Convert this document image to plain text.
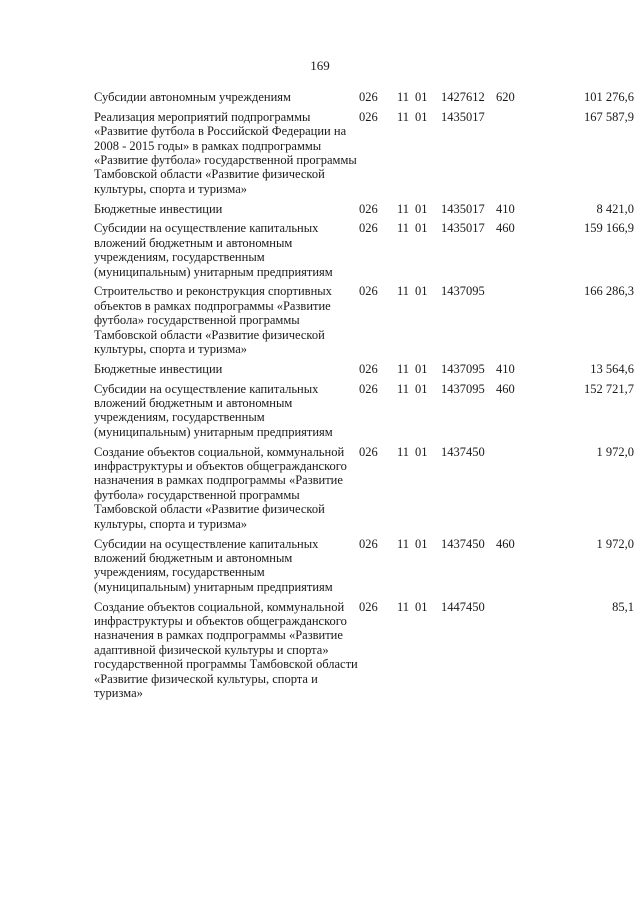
169
Субсидии автономным учреждениям	026	11	01	1427612	620	101 276,6
Реализация мероприятий подпрограммы «Развитие футбола в Российской Федерации на 2008 - 2015 годы» в рамках подпрограммы «Развитие футбола» государственной программы Тамбовской области «Развитие физической культуры, спорта и туризма»	026	11	01	1435017		167 587,9
Бюджетные инвестиции	026	11	01	1435017	410	8 421,0
Субсидии на осуществление капитальных вложений бюджетным и автономным учреждениям, государственным (муниципальным) унитарным предприятиям	026	11	01	1435017	460	159 166,9
Строительство и реконструкция спортивных объектов в рамках подпрограммы «Развитие футбола» государственной программы Тамбовской области «Развитие физической культуры, спорта и туризма»	026	11	01	1437095		166 286,3
Бюджетные инвестиции	026	11	01	1437095	410	13 564,6
Субсидии на осуществление капитальных вложений бюджетным и автономным учреждениям, государственным (муниципальным) унитарным предприятиям	026	11	01	1437095	460	152 721,7
Создание объектов социальной, коммунальной инфраструктуры и объектов общегражданского назначения в рамках подпрограммы «Развитие футбола» государственной программы Тамбовской области «Развитие физической культуры, спорта и туризма»	026	11	01	1437450		1 972,0
Субсидии на осуществление капитальных вложений бюджетным и автономным учреждениям, государственным (муниципальным) унитарным предприятиям	026	11	01	1437450	460	1 972,0
Создание объектов социальной, коммунальной инфраструктуры и объектов общегражданского назначения в рамках подпрограммы «Развитие адаптивной физической культуры и спорта» государственной программы Тамбовской области «Развитие физической культуры, спорта и туризма»	026	11	01	1447450		85,1
